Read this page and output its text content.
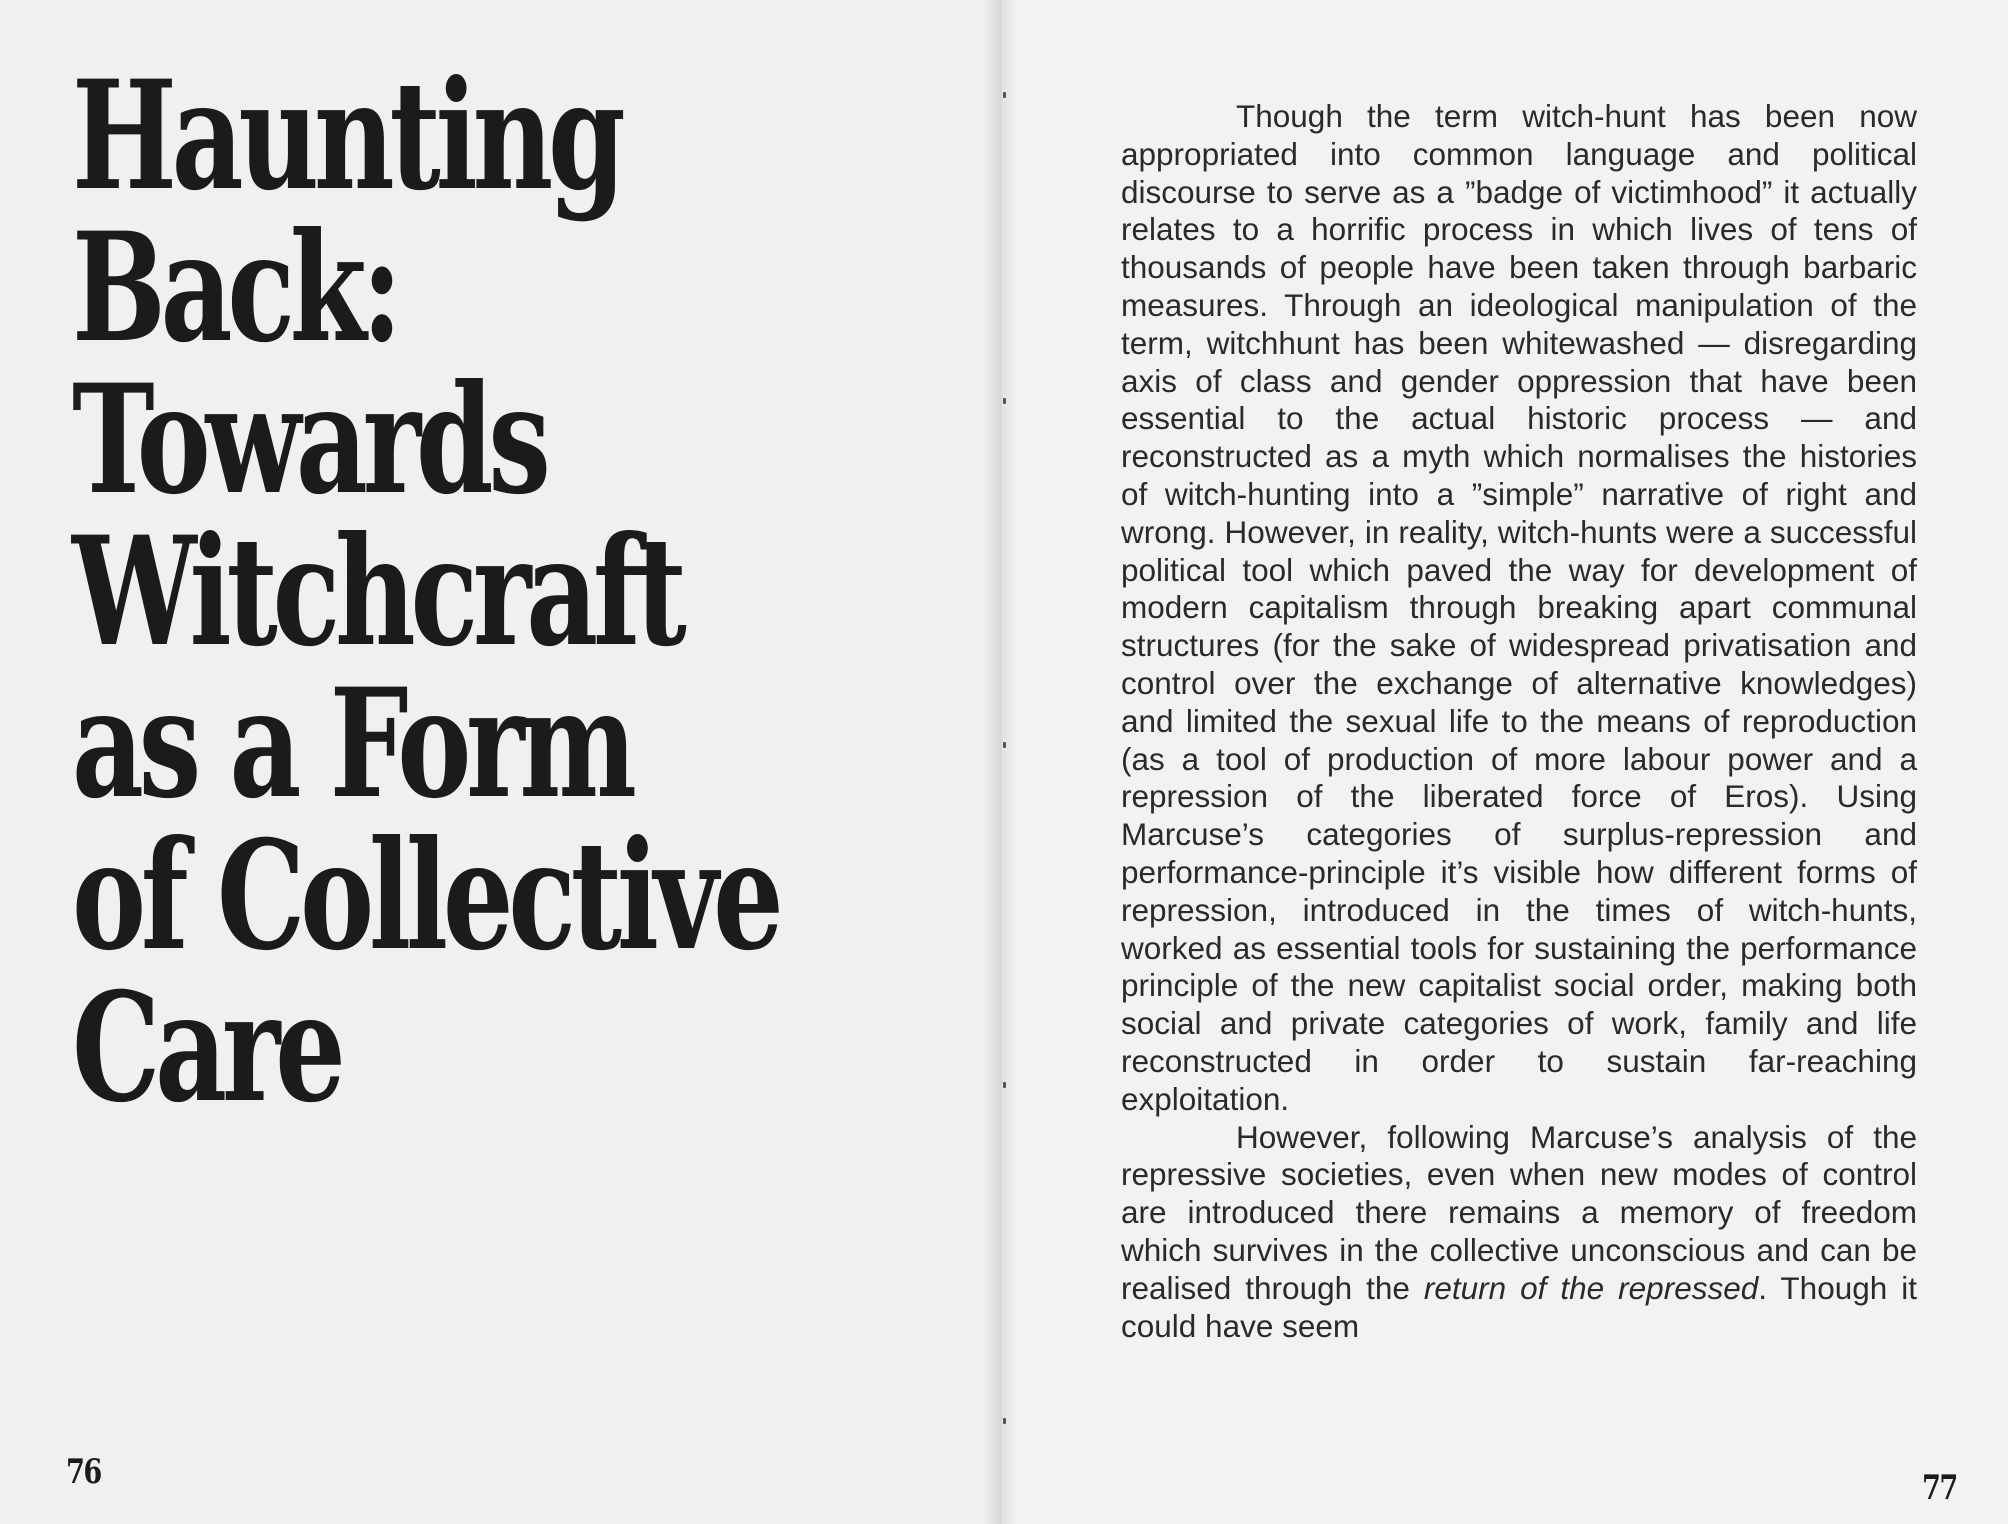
Haunting
Back:
Towards
Witchcraft
as a Form
of Collective
Care
76

Though the term witch-hunt has been now appropriated into common language and political discourse to serve as a ”badge of victimhood” it actually relates to a horrific process in which lives of tens of thousands of people have been taken through barbaric measures. Through an ideological manipulation of the term, witchhunt has been whitewashed — disregarding axis of class and gender oppression that have been essential to the actual historic process — and reconstructed as a myth which normalises the histories of witch-hunting into a ”simple” narrative of right and wrong. However, in reality, witch-hunts were a successful political tool which paved the way for development of modern capitalism through breaking apart communal structures (for the sake of widespread privatisation and control over the exchange of alternative knowledges) and limited the sexual life to the means of reproduction (as a tool of production of more labour power and a repression of the liberated force of Eros). Using Marcuse’s categories of surplus-repression and performance-principle it’s visible how different forms of repression, introduced in the times of witch-hunts, worked as essential tools for sustaining the performance principle of the new capitalist social order, making both social and private categories of work, family and life reconstructed in order to sustain far-reaching exploitation.

However, following Marcuse’s analysis of the repressive societies, even when new modes of control are introduced there remains a memory of freedom which survives in the collective unconscious and can be realised through the return of the repressed. Though it could have seem

77
